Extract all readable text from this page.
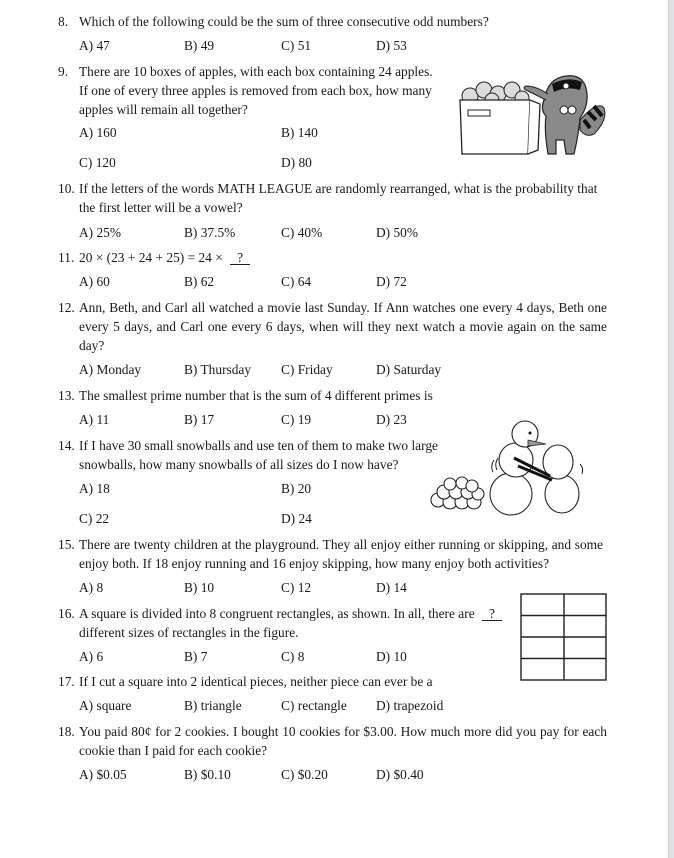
8. Which of the following could be the sum of three consecutive odd numbers?
A) 47	B) 49	C) 51	D) 53
9. There are 10 boxes of apples, with each box containing 24 apples.
If one of every three apples is removed from each box, how many
apples will remain all together?
A) 160	B) 140
C) 120	D) 80
10. If the letters of the words MATH LEAGUE are randomly rearranged, what is the probability that
the first letter will be a vowel?
A) 25%	B) 37.5%	C) 40%	D) 50%
11. 20 × (23 + 24 + 25) = 24 × ?
A) 60	B) 62	C) 64	D) 72
12. Ann, Beth, and Carl all watched a movie last Sunday. If Ann watches one every 4 days, Beth one
every 5 days, and Carl one every 6 days, when will they next watch a movie again on the same
day?
A) Monday	B) Thursday C) Friday	D) Saturday
13. The smallest prime number that is the sum of 4 different primes is
A) 11	B) 17	C) 19	D) 23
14. If I have 30 small snowballs and use ten of them to make two large
snowballs, how many snowballs of all sizes do I now have?
A) 18	B) 20
C) 22	D) 24
15. There are twenty children at the playground. They all enjoy either running or skipping, and some
enjoy both. If 18 enjoy running and 16 enjoy skipping, how many enjoy both activities?
A) 8	B) 10	C) 12	D) 14
16. A square is divided into 8 congruent rectangles, as shown. In all, there are ?
different sizes of rectangles in the figure.
A) 6	B) 7	C) 8	D) 10
17. If I cut a square into 2 identical pieces, neither piece can ever be a
A) square	B) triangle	C) rectangle D) trapezoid
18. You paid 80¢ for 2 cookies. I bought 10 cookies for $3.00. How much more did you pay for each
cookie than I paid for each cookie?
A) $0.05	B) $0.10	C) $0.20	D) $0.40
